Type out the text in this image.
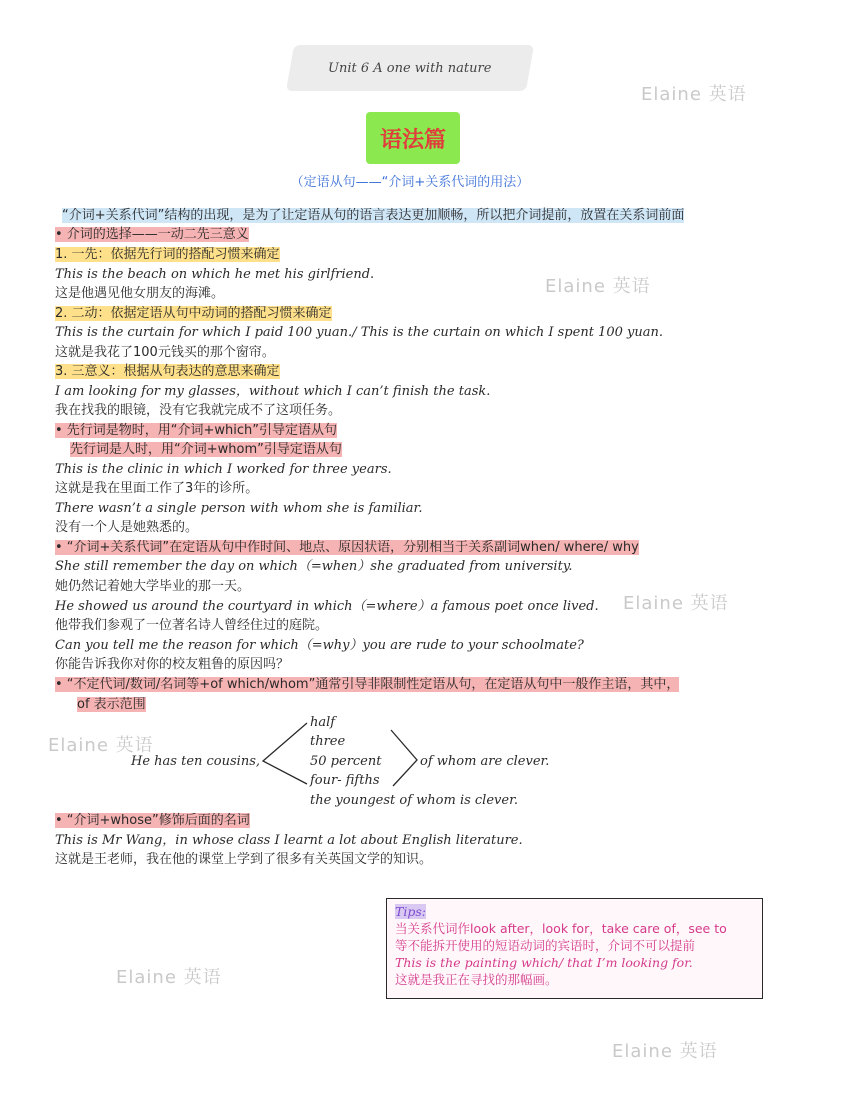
Unit 6 A one with nature
Elaine 英语
Elaine 英语
Elaine 英语
Elaine 英语
Elaine 英语
Elaine 英语
语法篇
（定语从句——“介词+关系代词的用法）
“介词+关系代词”结构的出现，是为了让定语从句的语言表达更加顺畅，所以把介词提前，放置在关系词前面
• 介词的选择——一动二先三意义
1. 一先：依据先行词的搭配习惯来确定
This is the beach on which he met his girlfriend.
这是他遇见他女朋友的海滩。
2. 二动：依据定语从句中动词的搭配习惯来确定
This is the curtain for which I paid 100 yuan./ This is the curtain on which I spent 100 yuan.
这就是我花了100元钱买的那个窗帘。
3. 三意义：根据从句表达的意思来确定
I am looking for my glasses，without which I can’t finish the task.
我在找我的眼镜，没有它我就完成不了这项任务。
• 先行词是物时，用“介词+which”引导定语从句
先行词是人时，用“介词+whom”引导定语从句
This is the clinic in which I worked for three years.
这就是我在里面工作了3年的诊所。
There wasn’t a single person with whom she is familiar.
没有一个人是她熟悉的。
• “介词+关系代词”在定语从句中作时间、地点、原因状语，分别相当于关系副词when/ where/ why
She still remember the day on which（=when）she graduated from university.
她仍然记着她大学毕业的那一天。
He showed us around the courtyard in which（=where）a famous poet once lived.
他带我们参观了一位著名诗人曾经住过的庭院。
Can you tell me the reason for which（=why）you are rude to your schoolmate?
你能告诉我你对你的校友粗鲁的原因吗？
• “不定代词/数词/名词等+of which/whom”通常引导非限制性定语从句，在定语从句中一般作主语，其中，
of 表示范围
He has ten cousins,
half
three
50 percent
four- fifths
of whom are clever.
the youngest of whom is clever.
• “介词+whose”修饰后面的名词
This is Mr Wang，in whose class I learnt a lot about English literature.
这就是王老师，我在他的课堂上学到了很多有关英国文学的知识。
Tips:
当关系代词作look after，look for，take care of，see to
等不能拆开使用的短语动词的宾语时，介词不可以提前
This is the painting which/ that I’m looking for.
这就是我正在寻找的那幅画。
